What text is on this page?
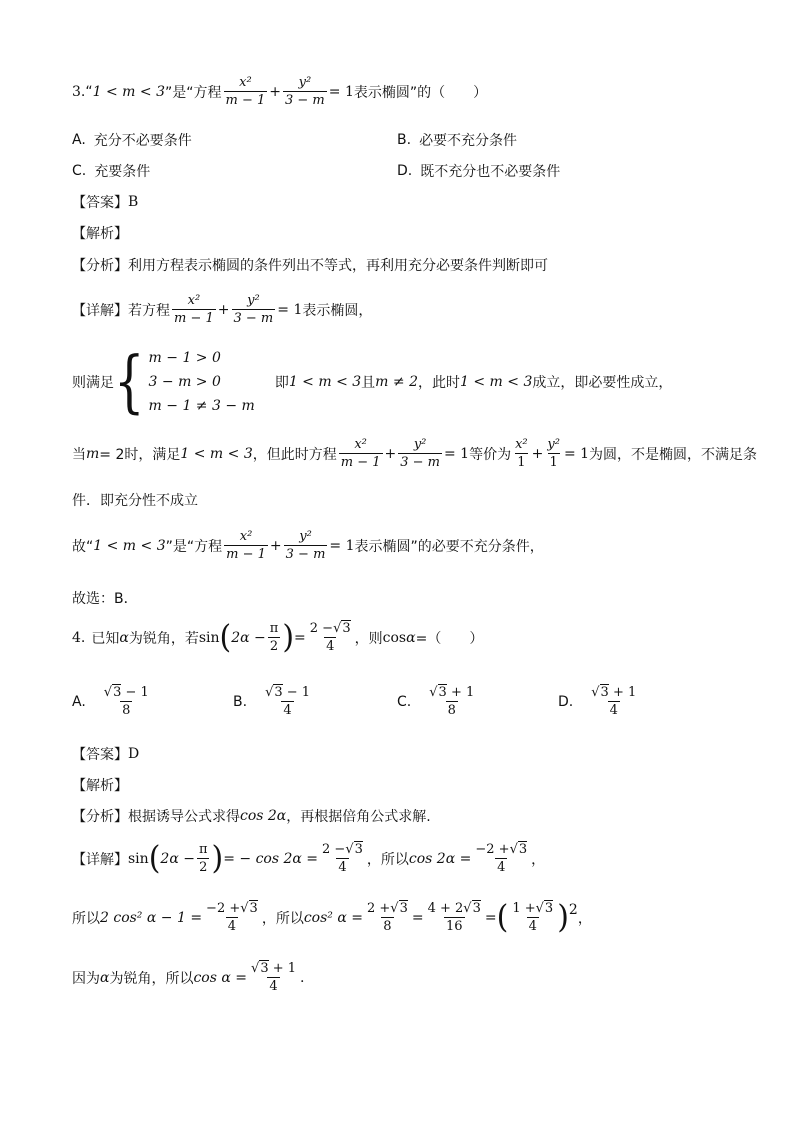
3. “ 1 < m < 3 ”是“方程 $\frac{\text{x²}}{m - 1} + \frac{\text{y²}}{3 - m} = 1$ 表示椭圆”的（　　）
A. 充分不必要条件	B. 必要不充分条件
C. 充要条件	D. 既不充分也不必要条件
【答案】 B
【解析】
【分析】 利用方程表示椭圆的条件列出不等式，再利用充分必要条件判断即可
【详解】 若方程 $\frac{\text{x²}}{m - 1} + \frac{\text{y²}}{3 - m} = 1$ 表示椭圆，
则满足 { m − 1 > 0
3 − m > 0
m − 1 ≠ 3 − m
即 1 < m < 3 且 m ≠ 2 ，此时 1 < m < 3 成立，即必要性成立，
当 m = 2时，满足 1 < m < 3 ，但此时方程 $\frac{\text{x²}}{m - 1} + \frac{\text{y²}}{3 - m} = 1$ 等价为 $\frac{\text{x²}}{1} + \frac{\text{y²}}{1} = 1$ 为圆，不是椭圆，不满足条
件．即充分性不成立
故“ 1 < m < 3 ”是“方程 $\frac{\text{x²}}{m - 1} + \frac{\text{y²}}{3 - m} = 1$ 表示椭圆”的必要不充分条件，
故选：B．
4. 已知 α 为锐角，若 sin ( $2\alpha - \frac{\pi}{2}$ ) = $\frac{2 -√3}{4}$ ，则 cos α =（　　）
A. $\frac{√3 - 1}{8}$	B. $\frac{√3 - 1}{4}$	C. $\frac{√3 + 1}{8}$	D. $\frac{√3 + 1}{4}$
【答案】 D
【解析】
【分析】 根据诱导公式求得 cos 2α ，再根据倍角公式求解.
【详解】 sin ( $2\alpha - \frac{\pi}{2}$ ) = − $\cos 2\alpha = \frac{2 -√3}{4}$ ，所以 $\cos 2\alpha = \frac{-2 +√3}{4}$ ，
所以 2 cos² $\alpha - 1 = \frac{-2 +√3}{4}$ ，所以 cos² $\alpha = \frac{2 +√3}{8} = \frac{4 + 2√3}{16}$ = ( $\frac{1 +√3}{4}$ ) 2
，
因为 α 为锐角，所以 $\cos \alpha = \frac{√3 + 1}{4}$ .
